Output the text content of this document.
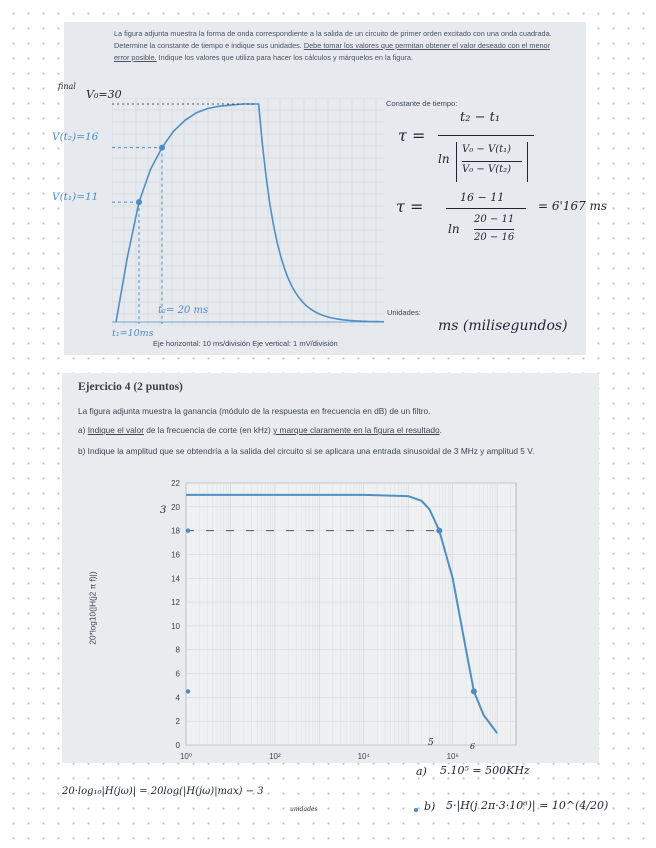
La figura adjunta muestra la forma de onda correspondiente a la salida de un circuito de primer orden excitado con una onda cuadrada. Determine la constante de tiempo e indique sus unidades. Debe tomar los valores que permitan obtener el valor deseado con el menor error posible. Indique los valores que utiliza para hacer los cálculos y márquelos en la figura.
Constante de tiempo:
Unidades:
Eje horizontal: 10 ms/división Eje vertical: 1 mV/división
final
V₀=30
V(t₂)=16
V(t₁)=11
t₂= 20 ms
t₁=10ms
τ =
t₂ − t₁
ln
V₀ − V(t₁)
V₀ − V(t₂)
τ =	16 − 11
ln
20 − 11
20 − 16
= 6'167 ms
ms (milisegundos)
Ejercicio 4 (2 puntos)
La figura adjunta muestra la ganancia (módulo de la respuesta en frecuencia en dB) de un filtro.
a) Indique el valor de la frecuencia de corte (en kHz) y marque claramente en la figura el resultado.
b) Indique la amplitud que se obtendría a la salida del circuito si se aplicara una entrada sinusoidal de 3 MHz y amplitud 5 V.
20*log10(|H(j2 π f)|)
0
2
4
6
8
10
12
14
16
18
20
22
10⁰	10²	10⁴	10⁶
3
5	6
a) 5.10⁵ = 500KHz
b) 5·|H(j 2π·3·10⁶)| = 10^(4/20)
20·log₁₀|H(jω)| = 20log(|H(jω)|max) − 3
unidades
